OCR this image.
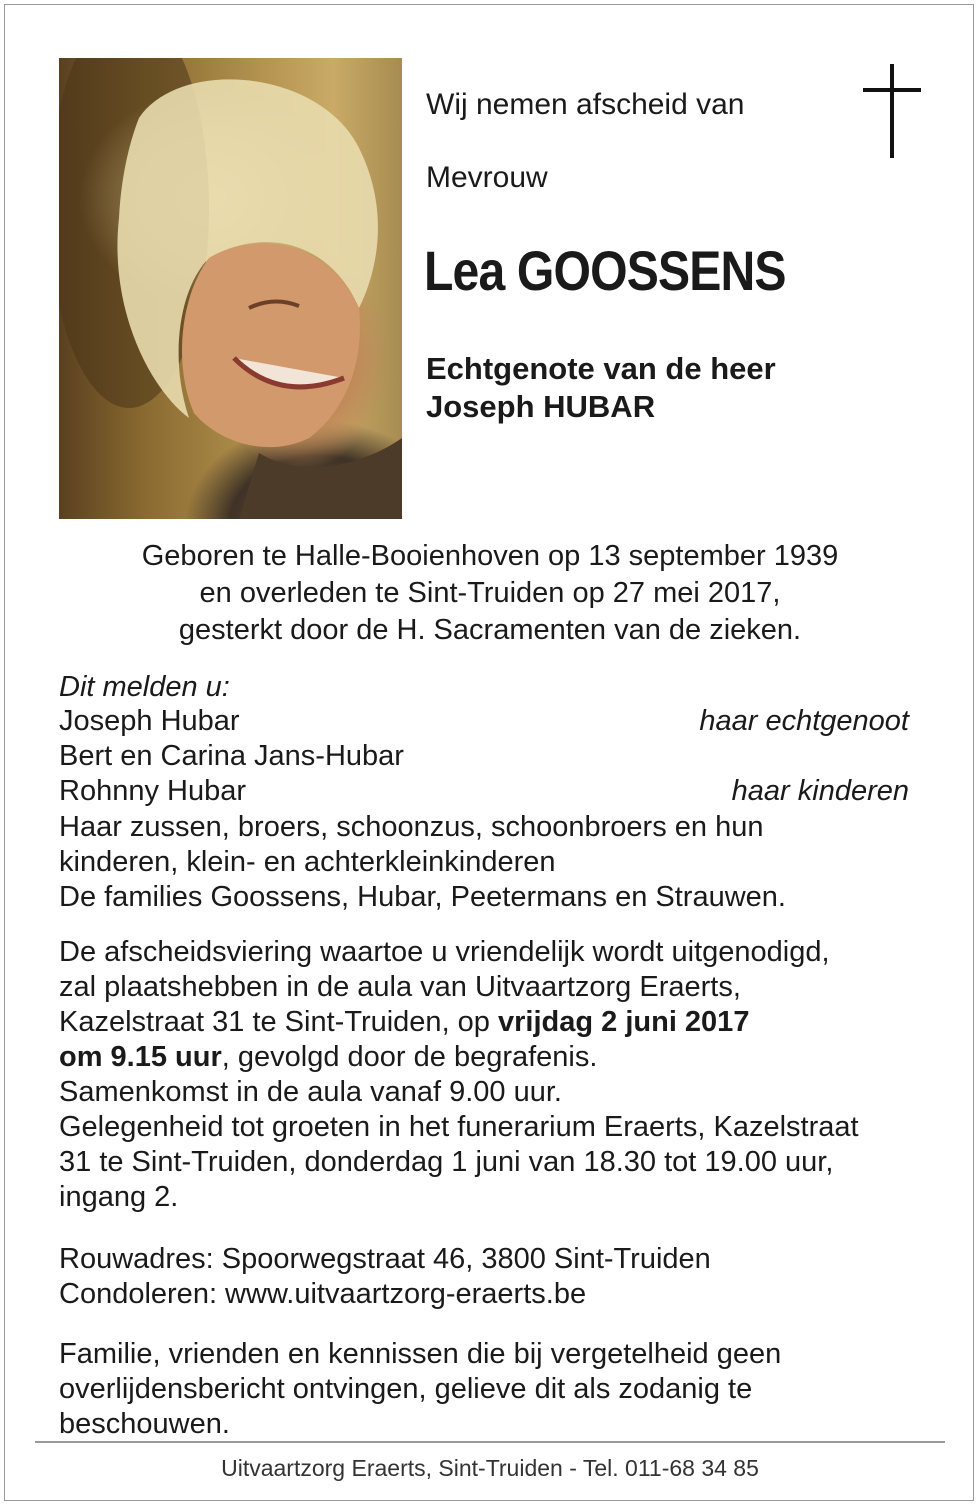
Wij nemen afscheid van
Mevrouw
Lea GOOSSENS
Echtgenote van de heer
Joseph HUBAR
Geboren te Halle-Booienhoven op 13 september 1939
en overleden te Sint-Truiden op 27 mei 2017,
gesterkt door de H. Sacramenten van de zieken.
Dit melden u:
Joseph Hubar	haar echtgenoot
Bert en Carina Jans-Hubar
Rohnny Hubar	haar kinderen
Haar zussen, broers, schoonzus, schoonbroers en hun
kinderen, klein- en achterkleinkinderen
De families Goossens, Hubar, Peetermans en Strauwen.
De afscheidsviering waartoe u vriendelijk wordt uitgenodigd,
zal plaatshebben in de aula van Uitvaartzorg Eraerts,
Kazelstraat 31 te Sint-Truiden, op vrijdag 2 juni 2017
om 9.15 uur, gevolgd door de begrafenis.
Samenkomst in de aula vanaf 9.00 uur.
Gelegenheid tot groeten in het funerarium Eraerts, Kazelstraat
31 te Sint-Truiden, donderdag 1 juni van 18.30 tot 19.00 uur,
ingang 2.
Rouwadres: Spoorwegstraat 46, 3800 Sint-Truiden
Condoleren: www.uitvaartzorg-eraerts.be
Familie, vrienden en kennissen die bij vergetelheid geen
overlijdensbericht ontvingen, gelieve dit als zodanig te
beschouwen.
Uitvaartzorg Eraerts, Sint-Truiden - Tel. 011-68 34 85
